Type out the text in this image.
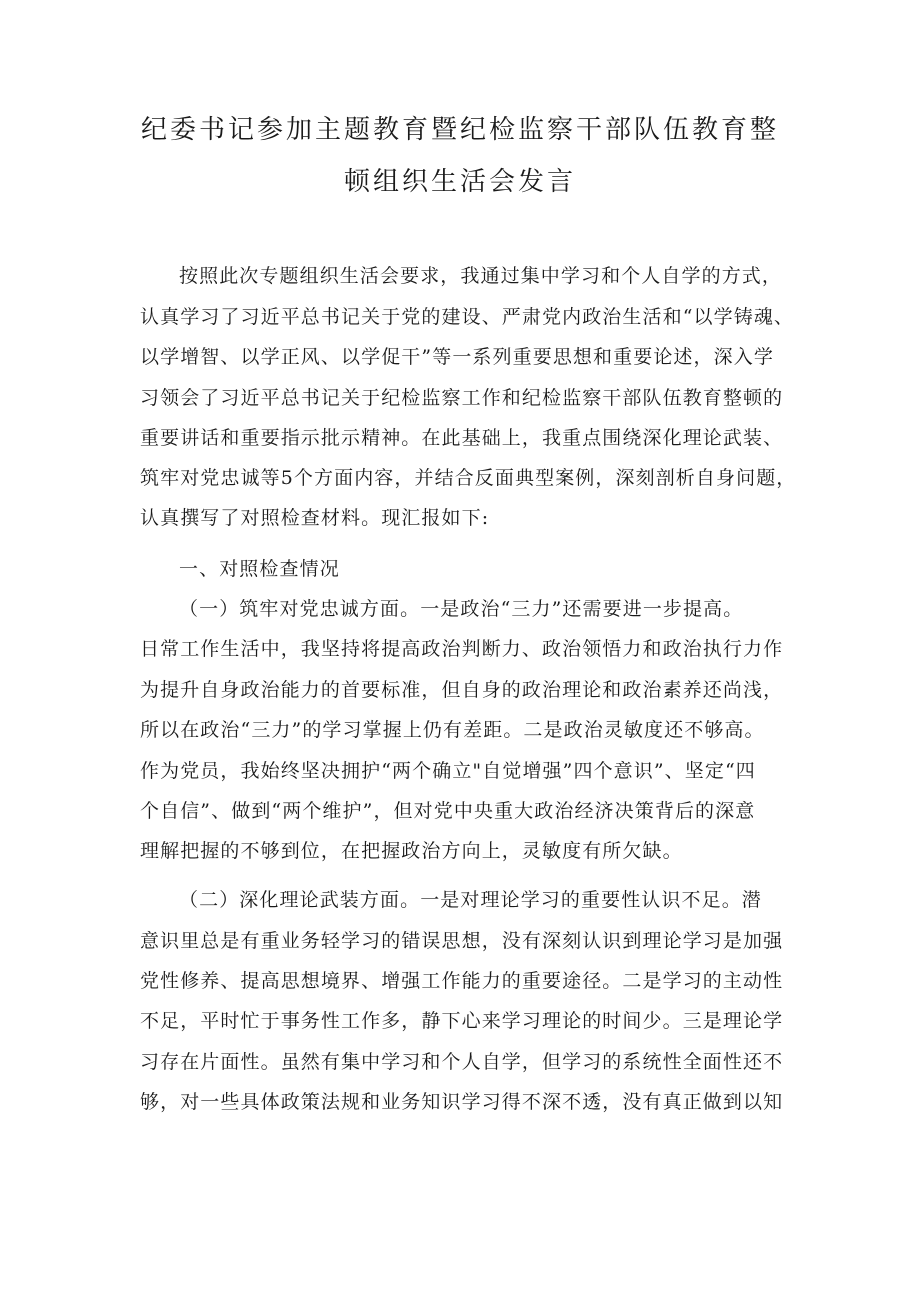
纪委书记参加主题教育暨纪检监察干部队伍教育整
顿组织生活会发言

按照此次专题组织生活会要求，我通过集中学习和个人自学的方式，

认真学习了习近平总书记关于党的建设、严肃党内政治生活和“以学铸魂、

以学增智、以学正风、以学促干”等一系列重要思想和重要论述，深入学

习领会了习近平总书记关于纪检监察工作和纪检监察干部队伍教育整顿的

重要讲话和重要指示批示精神。在此基础上，我重点围绕深化理论武装、

筑牢对党忠诚等5个方面内容，并结合反面典型案例，深刻剖析自身问题，

认真撰写了对照检查材料。现汇报如下:

一、对照检查情况

（一）筑牢对党忠诚方面。一是政治“三力”还需要进一步提高。

日常工作生活中，我坚持将提高政治判断力、政治领悟力和政治执行力作

为提升自身政治能力的首要标准，但自身的政治理论和政治素养还尚浅，

所以在政治“三力”的学习掌握上仍有差距。二是政治灵敏度还不够高。

作为党员，我始终坚决拥护“两个确立"自觉增强”四个意识”、坚定“四

个自信”、做到“两个维护”，但对党中央重大政治经济决策背后的深意

理解把握的不够到位，在把握政治方向上，灵敏度有所欠缺。

（二）深化理论武装方面。一是对理论学习的重要性认识不足。潜

意识里总是有重业务轻学习的错误思想，没有深刻认识到理论学习是加强

党性修养、提高思想境界、增强工作能力的重要途径。二是学习的主动性

不足，平时忙于事务性工作多，静下心来学习理论的时间少。三是理论学

习存在片面性。虽然有集中学习和个人自学，但学习的系统性全面性还不

够，对一些具体政策法规和业务知识学习得不深不透，没有真正做到以知
